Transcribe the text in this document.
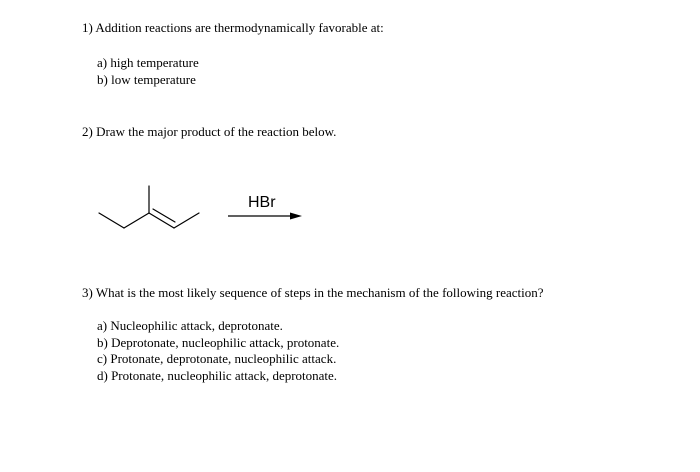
1) Addition reactions are thermodynamically favorable at:
a) high temperature
b) low temperature
2) Draw the major product of the reaction below.
HBr
3) What is the most likely sequence of steps in the mechanism of the following reaction?
a) Nucleophilic attack, deprotonate.
b) Deprotonate, nucleophilic attack, protonate.
c) Protonate, deprotonate, nucleophilic attack.
d) Protonate, nucleophilic attack, deprotonate.
